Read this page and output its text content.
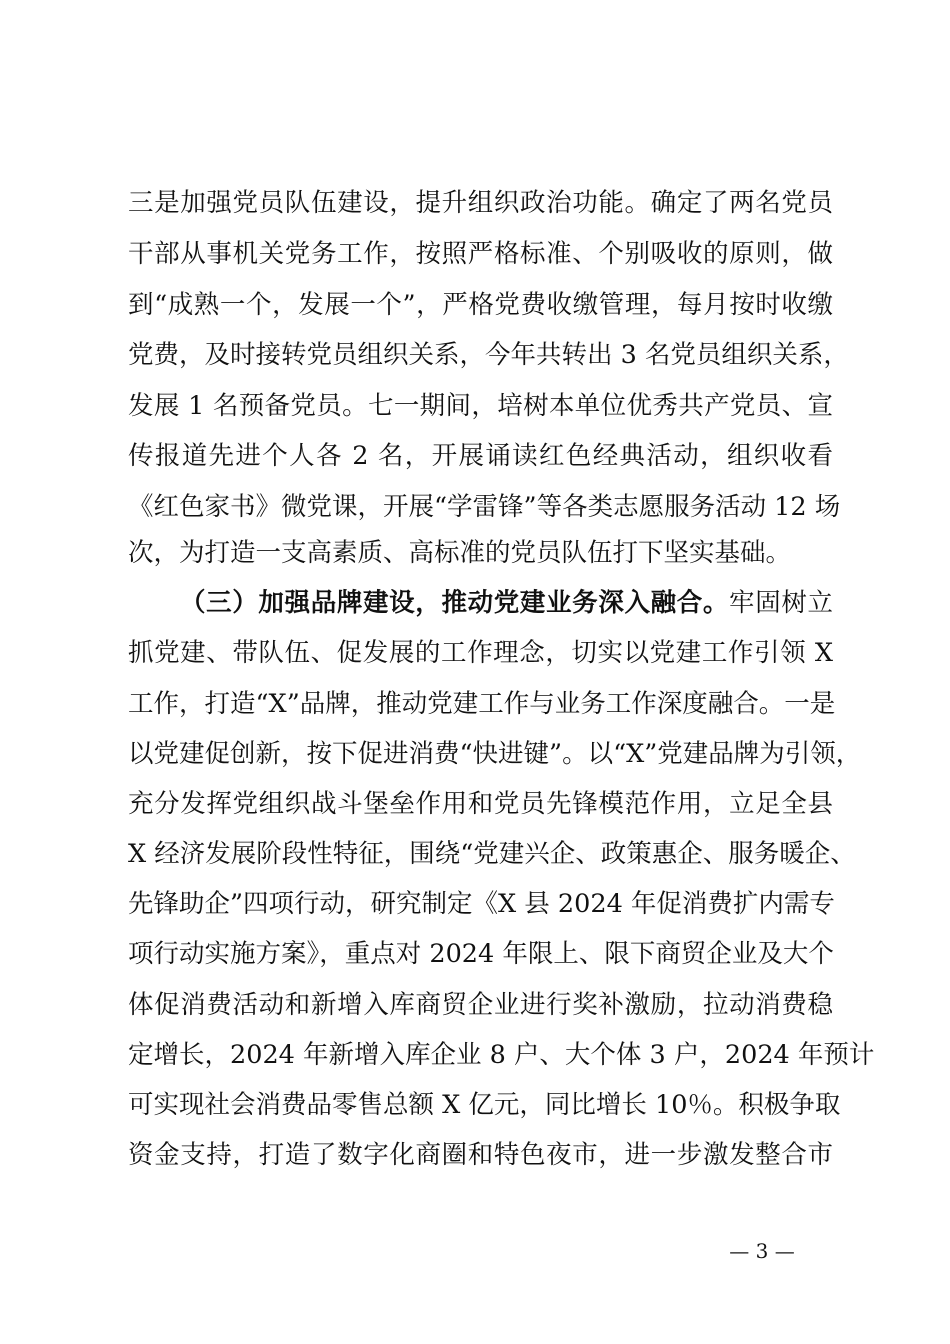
三是加强党员队伍建设，提升组织政治功能。确定了两名党员
干部从事机关党务工作，按照严格标准、个别吸收的原则，做
到“成熟一个，发展一个”，严格党费收缴管理，每月按时收缴
党费，及时接转党员组织关系，今年共转出 3 名党员组织关系，
发展 1 名预备党员。七一期间，培树本单位优秀共产党员、宣
传报道先进个人各 2 名，开展诵读红色经典活动，组织收看
《红色家书》微党课，开展“学雷锋”等各类志愿服务活动 12 场
次，为打造一支高素质、高标准的党员队伍打下坚实基础。
（三）加强品牌建设，推动党建业务深入融合。牢固树立
抓党建、带队伍、促发展的工作理念，切实以党建工作引领 X
工作，打造“X”品牌，推动党建工作与业务工作深度融合。一是
以党建促创新，按下促进消费“快进键”。以“X”党建品牌为引领，
充分发挥党组织战斗堡垒作用和党员先锋模范作用，立足全县
X 经济发展阶段性特征，围绕“党建兴企、政策惠企、服务暖企、
先锋助企”四项行动，研究制定《X 县 2024 年促消费扩内需专
项行动实施方案》，重点对 2024 年限上、限下商贸企业及大个
体促消费活动和新增入库商贸企业进行奖补激励，拉动消费稳
定增长，2024 年新增入库企业 8 户、大个体 3 户，2024 年预计
可实现社会消费品零售总额 X 亿元，同比增长 10％。积极争取
资金支持，打造了数字化商圈和特色夜市，进一步激发整合市
— 3 —
